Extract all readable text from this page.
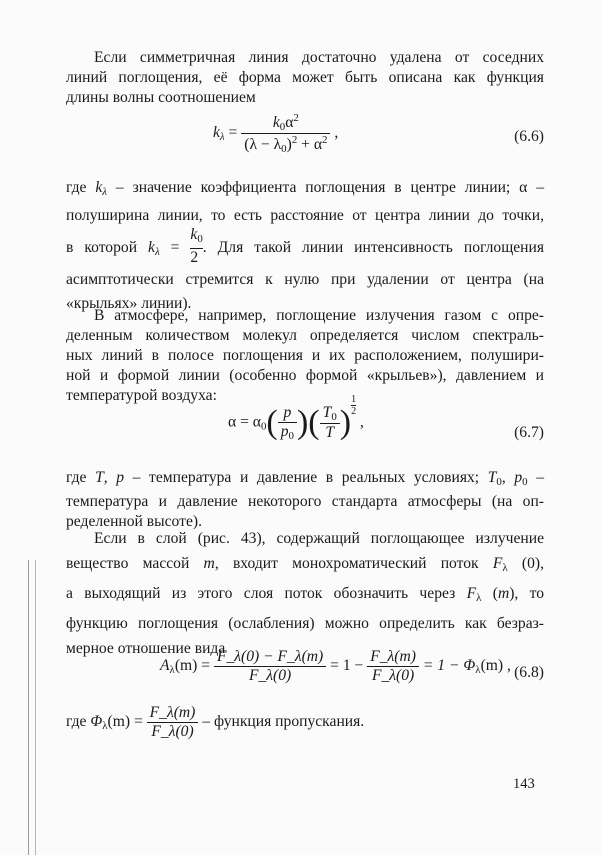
Если симметричная линия достаточно удалена от соседних
линий поглощения, её форма может быть описана как функция
длины волны соотношением
$k_\lambda = \frac{k_0\alpha^2}{(\lambda - \lambda_0)^2 + \alpha^2}$ ,	(6.6)
где $k_\lambda$ – значение коэффициента поглощения в центре линии; α –
полуширина линии, то есть расстояние от центра линии до точки,
в которой $k_\lambda = \frac{k_0}{2}$ . Для такой линии интенсивность поглощения
асимптотически стремится к нулю при удалении от центра (на
«крыльях» линии).
В атмосфере, например, поглощение излучения газом с опре-
деленным количеством молекул определяется числом спектраль-
ных линий в полосе поглощения и их расположением, полушири-
ной и формой линии (особенно формой «крыльев»), давлением и
температурой воздуха:
$\alpha = \alpha_0( \frac{p}{p_0}$ )( $\frac{T_0}{T}$ ) $\frac{1}{2}$
,
(6.7)
где T, p – температура и давление в реальных условиях; $T_0$, $p_0$ –
температура и давление некоторого стандарта атмосферы (на оп-
ределенной высоте).
Если в слой (рис. 43), содержащий поглощающее излучение
веществo массой m, входит монохроматический поток $F_\lambda$ (0),
а выходящий из этого слоя поток обозначить через $F_\lambda$ (m), то
функцию поглощения (ослабления) можно определить как безраз-
мерное отношение вида
$A_\lambda(m) = \frac{F\_\lambda(0) - F\_\lambda(m)}{F\_\lambda(0)} = 1 - \frac{F\_\lambda(m)}{F\_\lambda(0)} = 1 - \Phi_\lambda(m)$ , (6.8)
где $\Phi_\lambda(m) = \frac{F\_\lambda(m)}{F\_\lambda(0)}$ – функция пропускания.
143
